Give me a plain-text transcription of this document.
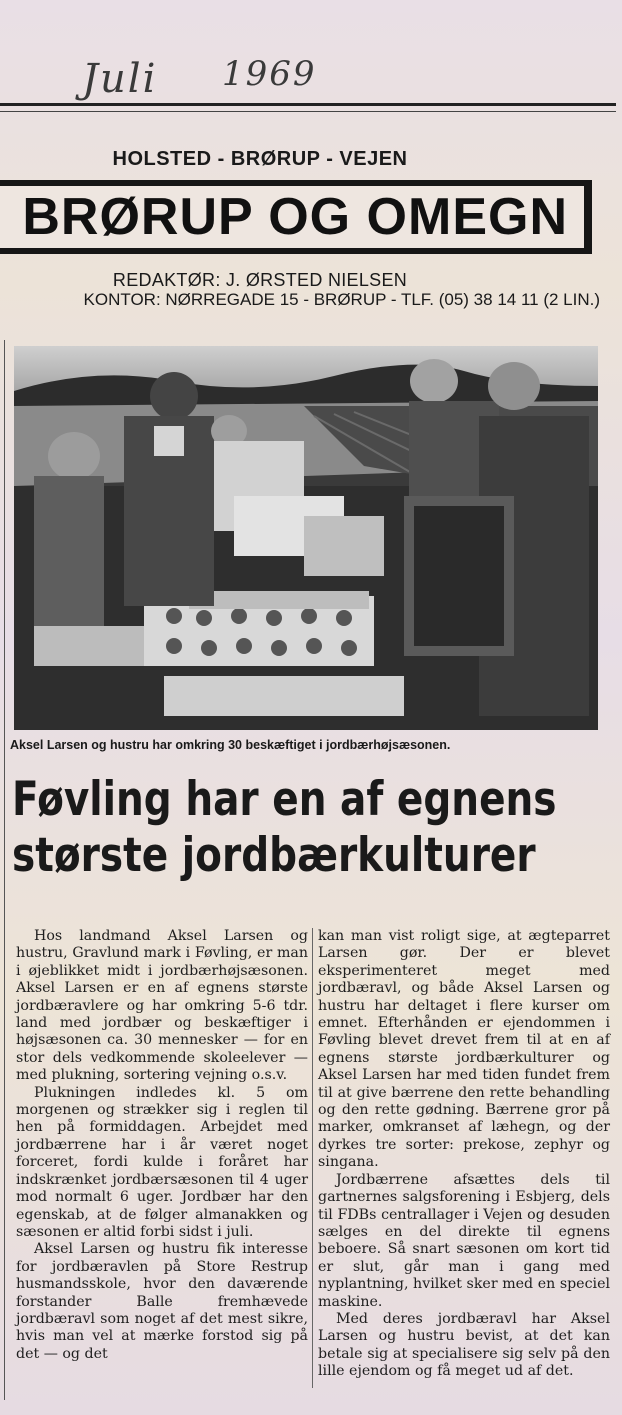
Juli 1969
HOLSTED - BRØRUP - VEJEN
BRØRUP OG OMEGN
REDAKTØR: J. ØRSTED NIELSEN
KONTOR: NØRREGADE 15 - BRØRUP - TLF. (05) 38 14 11 (2 LIN.)
Aksel Larsen og hustru har omkring 30 beskæftiget i jordbærhøjsæsonen.
Føvling har en af egnens
største jordbærkulturer

Hos landmand Aksel Larsen og hustru, Gravlund mark i Føvling, er man i øjeblikket midt i jordbærhøjsæsonen. Aksel Larsen er en af egnens største jordbæravlere og har omkring 5-6 tdr. land med jordbær og beskæftiger i højsæsonen ca. 30 mennesker — for en stor dels vedkommende skoleelever — med plukning, sortering vejning o.s.v.

Plukningen indledes kl. 5 om morgenen og strækker sig i reglen til hen på formiddagen. Arbejdet med jordbærrene har i år været noget forceret, fordi kulde i foråret har indskrænket jordbærsæsonen til 4 uger mod normalt 6 uger. Jordbær har den egenskab, at de følger almanakken og sæsonen er altid forbi sidst i juli.

Aksel Larsen og hustru fik interesse for jordbæravlen på Store Restrup husmandsskole, hvor den daværende forstander Balle fremhævede jordbæravl som noget af det mest sikre, hvis man vel at mærke forstod sig på det — og det

kan man vist roligt sige, at ægteparret Larsen gør. Der er blevet eksperimenteret meget med jordbæravl, og både Aksel Larsen og hustru har deltaget i flere kurser om emnet. Efterhånden er ejendommen i Føvling blevet drevet frem til at en af egnens største jordbærkulturer og Aksel Larsen har med tiden fundet frem til at give bærrene den rette behandling og den rette gødning. Bærrene gror på marker, omkranset af læhegn, og der dyrkes tre sorter: prekose, zephyr og singana.

Jordbærrene afsættes dels til gartnernes salgsforening i Esbjerg, dels til FDBs centrallager i Vejen og desuden sælges en del direkte til egnens beboere. Så snart sæsonen om kort tid er slut, går man i gang med nyplantning, hvilket sker med en speciel maskine.

Med deres jordbæravl har Aksel Larsen og hustru bevist, at det kan betale sig at specialisere sig selv på den lille ejendom og få meget ud af det.
